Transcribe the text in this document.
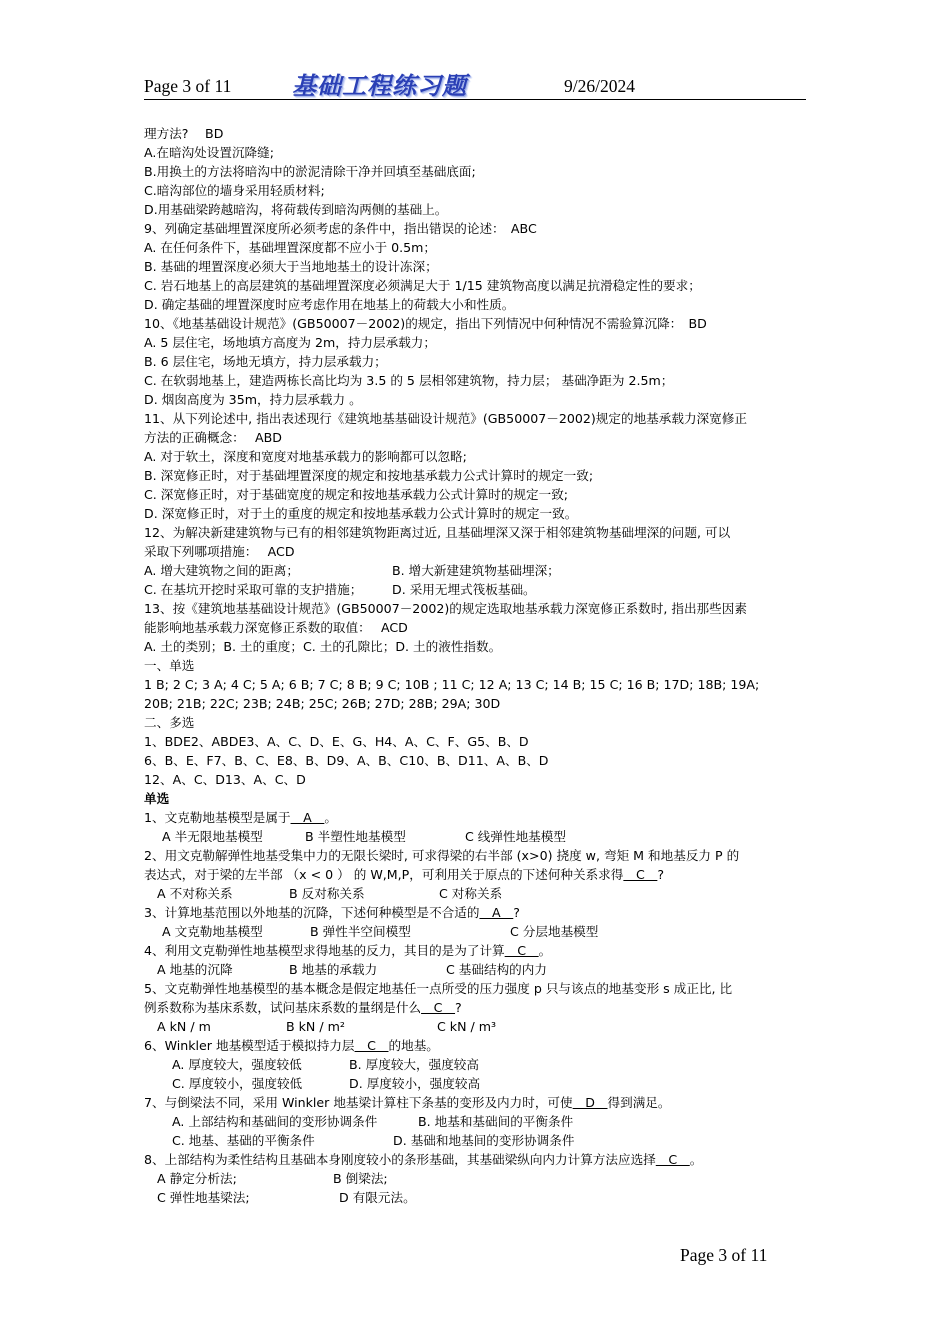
Page 3 of 11	基础工程练习题	9/26/2024
理方法?　 BD
A.在暗沟处设置沉降缝;
B.用换土的方法将暗沟中的淤泥清除干净并回填至基础底面;
C.暗沟部位的墙身采用轻质材料;
D.用基础梁跨越暗沟，将荷载传到暗沟两侧的基础上。
9、列确定基础埋置深度所必须考虑的条件中，指出错误的论述：　ABC
A. 在任何条件下，基础埋置深度都不应小于 0.5m；
B. 基础的埋置深度必须大于当地地基土的设计冻深；
C. 岩石地基上的高层建筑的基础埋置深度必须满足大于 1/15 建筑物高度以满足抗滑稳定性的要求；
D. 确定基础的埋置深度时应考虑作用在地基上的荷载大小和性质。
10、《地基基础设计规范》(GB50007－2002)的规定，指出下列情况中何种情况不需验算沉降：　BD
A. 5 层住宅，场地填方高度为 2m，持力层承载力；
B. 6 层住宅，场地无填方，持力层承载力；
C. 在软弱地基上，建造两栋长高比均为 3.5 的 5 层相邻建筑物，持力层； 基础净距为 2.5m；
D. 烟囱高度为 35m，持力层承载力 。
11、从下列论述中, 指出表述现行《建筑地基基础设计规范》(GB50007－2002)规定的地基承载力深宽修正
方法的正确概念：　 ABD
A. 对于软土，深度和宽度对地基承载力的影响都可以忽略;
B. 深宽修正时，对于基础埋置深度的规定和按地基承载力公式计算时的规定一致;
C. 深宽修正时，对于基础宽度的规定和按地基承载力公式计算时的规定一致;
D. 深宽修正时，对于土的重度的规定和按地基承载力公式计算时的规定一致。
12、为解决新建建筑物与已有的相邻建筑物距离过近, 且基础埋深又深于相邻建筑物基础埋深的问题, 可以
采取下列哪项措施：　 ACD
A. 增大建筑物之间的距离；	B. 增大新建建筑物基础埋深；
C. 在基坑开挖时采取可靠的支护措施； D. 采用无埋式筏板基础。
13、按《建筑地基基础设计规范》(GB50007－2002)的规定选取地基承载力深宽修正系数时, 指出那些因素
能影响地基承载力深宽修正系数的取值：　 ACD
A. 土的类别；B. 土的重度；C. 土的孔隙比；D. 土的液性指数。
一、单选
1 B; 2 C; 3 A; 4 C; 5 A; 6 B; 7 C; 8 B; 9 C; 10B ; 11 C; 12 A; 13 C; 14 B; 15 C; 16 B; 17D; 18B; 19A;
20B; 21B; 22C; 23B; 24B; 25C; 26B; 27D; 28B; 29A; 30D
二、多选
1、BDE2、ABDE3、A、C、D、E、G、H4、A、C、F、G5、B、D
6、B、E、F7、B、C、E8、B、D9、A、B、C10、B、D11、A、B、D
12、A、C、D13、A、C、D
单选
1、文克勒地基模型是属于　A　。
A 半无限地基模型	B 半塑性地基模型	C 线弹性地基模型
2、用文克勒解弹性地基受集中力的无限长梁时, 可求得梁的右半部 (x>0) 挠度 w, 弯矩 M 和地基反力 P 的
表达式，对于梁的左半部 （x < 0 ） 的 W,M,P，可利用关于原点的下述何种关系求得　C　?
A 不对称关系	B 反对称关系	C 对称关系
3、计算地基范围以外地基的沉降，下述何种模型是不合适的　A　?
A 文克勒地基模型	B 弹性半空间模型	C 分层地基模型
4、利用文克勒弹性地基模型求得地基的反力，其目的是为了计算　C　。
A 地基的沉降	B 地基的承载力	C 基础结构的内力
5、文克勒弹性地基模型的基本概念是假定地基任一点所受的压力强度 p 只与该点的地基变形 s 成正比, 比
例系数称为基床系数，试问基床系数的量纲是什么　C　?
A kN / m	B kN / m²	C kN / m³
6、Winkler 地基模型适于模拟持力层　C　的地基。
A. 厚度较大，强度较低	B. 厚度较大，强度较高
C. 厚度较小，强度较低	D. 厚度较小，强度较高
7、与倒梁法不同，采用 Winkler 地基梁计算柱下条基的变形及内力时，可使　D　得到满足。
A. 上部结构和基础间的变形协调条件	B. 地基和基础间的平衡条件
C. 地基、基础的平衡条件	D. 基础和地基间的变形协调条件
8、上部结构为柔性结构且基础本身刚度较小的条形基础，其基础梁纵向内力计算方法应选择　C　。
A 静定分析法;	B 倒梁法;
C 弹性地基梁法;	D 有限元法。
Page 3 of 11
